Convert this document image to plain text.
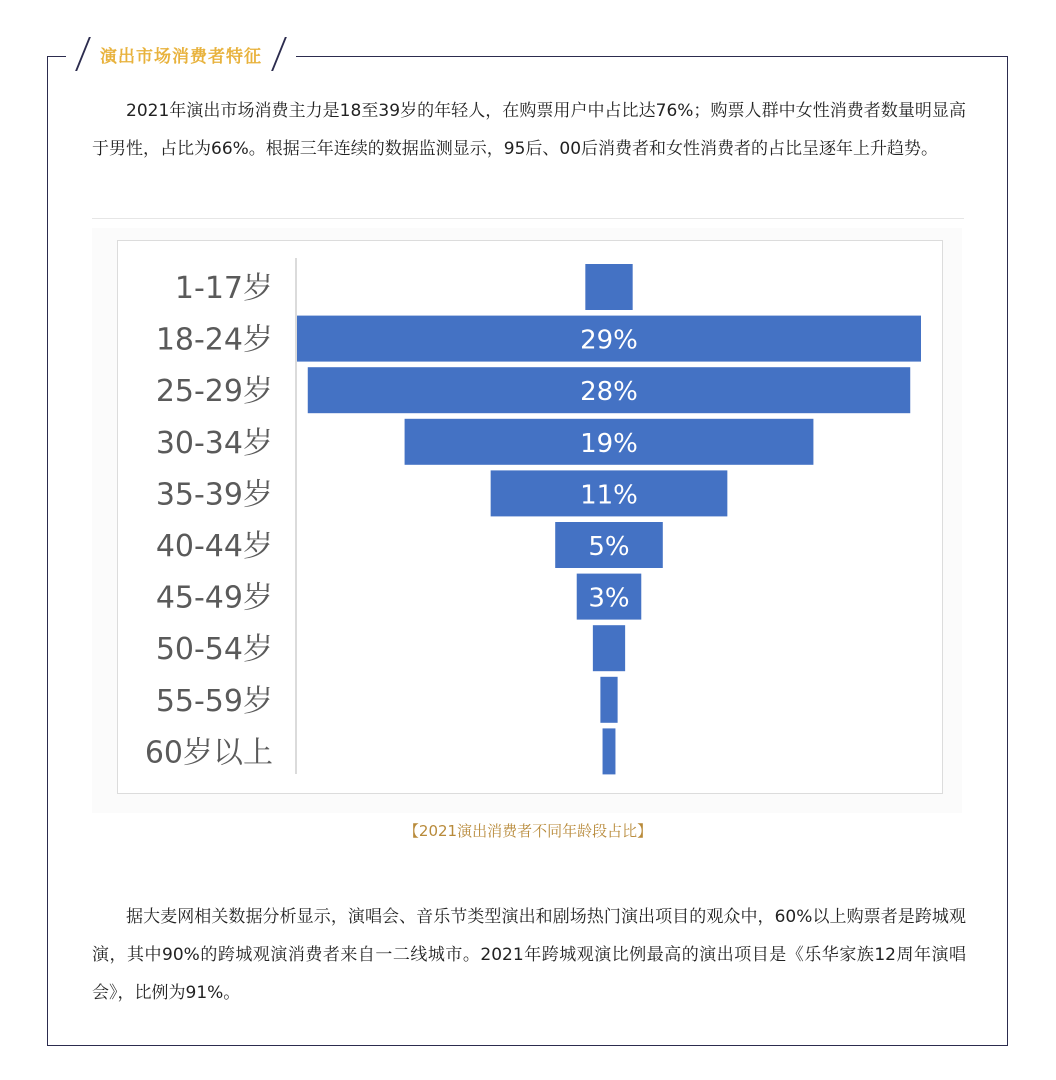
演出市场消费者特征

2021年演出市场消费主力是18至39岁的年轻人，在购票用户中占比达76%；购票人群中女性消费者数量明显高于男性，占比为66%。根据三年连续的数据监测显示，95后、00后消费者和女性消费者的占比呈逐年上升趋势。

1-17岁
18-24岁	29%
25-29岁	28%
30-34岁	19%
35-39岁	11%
40-44岁	5%
45-49岁	3%
50-54岁
55-59岁
60岁以上
【2021演出消费者不同年龄段占比】

据大麦网相关数据分析显示，演唱会、音乐节类型演出和剧场热门演出项目的观众中，60%以上购票者是跨城观演，其中90%的跨城观演消费者来自一二线城市。2021年跨城观演比例最高的演出项目是《乐华家族12周年演唱会》，比例为91%。
